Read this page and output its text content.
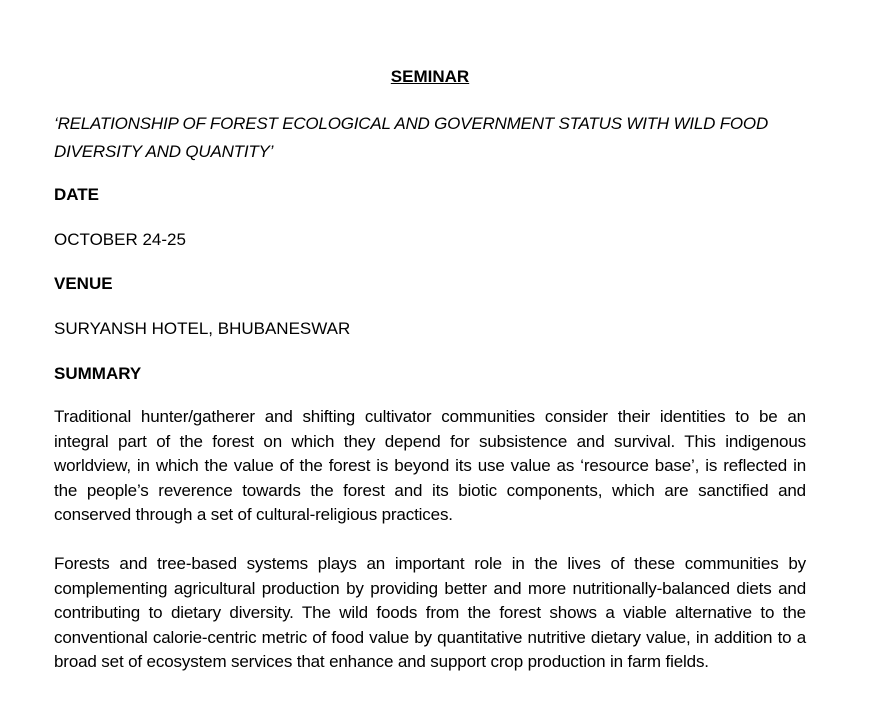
SEMINAR
‘RELATIONSHIP OF FOREST ECOLOGICAL AND GOVERNMENT STATUS WITH WILD FOOD DIVERSITY AND QUANTITY’
DATE
OCTOBER 24-25
VENUE
SURYANSH HOTEL, BHUBANESWAR
SUMMARY
Traditional hunter/gatherer and shifting cultivator communities consider their identities to be an integral part of the forest on which they depend for subsistence and survival. This indigenous worldview, in which the value of the forest is beyond its use value as ‘resource base’, is reflected in the people’s reverence towards the forest and its biotic components, which are sanctified and conserved through a set of cultural-religious practices.
Forests and tree-based systems plays an important role in the lives of these communities by complementing agricultural production by providing better and more nutritionally-balanced diets and contributing to dietary diversity. The wild foods from the forest shows a viable alternative to the conventional calorie-centric metric of food value by quantitative nutritive dietary value, in addition to a broad set of ecosystem services that enhance and support crop production in farm fields.
